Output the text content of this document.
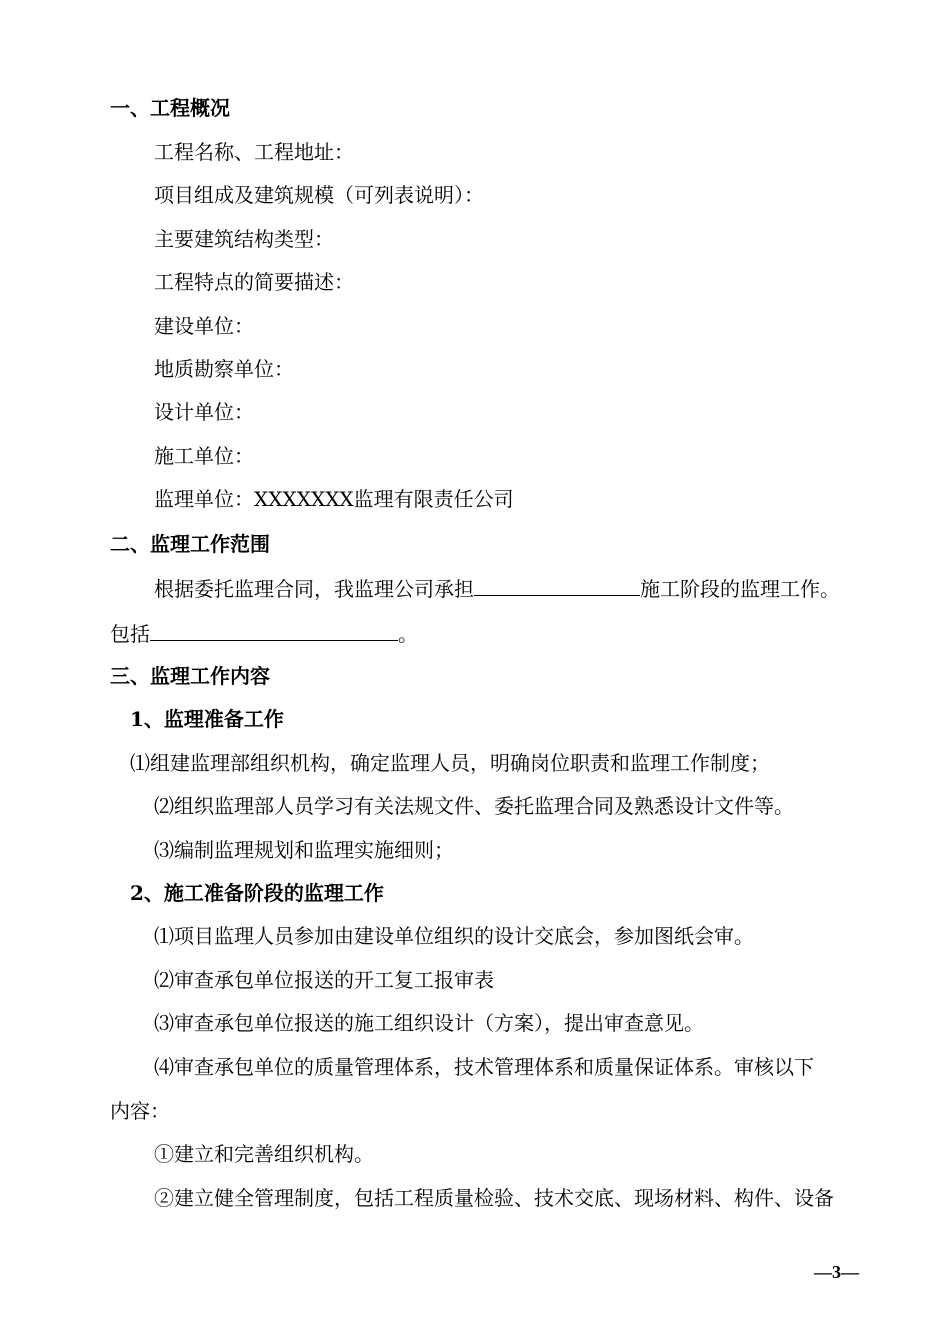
一、工程概况
工程名称、工程地址：
项目组成及建筑规模（可列表说明）：
主要建筑结构类型：
工程特点的简要描述：
建设单位：
地质勘察单位：
设计单位：
施工单位：
监理单位：XXXXXXX监理有限责任公司
二、监理工作范围
根据委托监理合同，我监理公司承担	施工阶段的监理工作。
包括	。
三、监理工作内容
1、监理准备工作
⑴组建监理部组织机构，确定监理人员，明确岗位职责和监理工作制度；
⑵组织监理部人员学习有关法规文件、委托监理合同及熟悉设计文件等。
⑶编制监理规划和监理实施细则；
2、施工准备阶段的监理工作
⑴项目监理人员参加由建设单位组织的设计交底会，参加图纸会审。
⑵审查承包单位报送的开工复工报审表
⑶审查承包单位报送的施工组织设计（方案），提出审查意见。
⑷审查承包单位的质量管理体系，技术管理体系和质量保证体系。审核以下
内容：
①建立和完善组织机构。
②建立健全管理制度，包括工程质量检验、技术交底、现场材料、构件、设备
—3—
